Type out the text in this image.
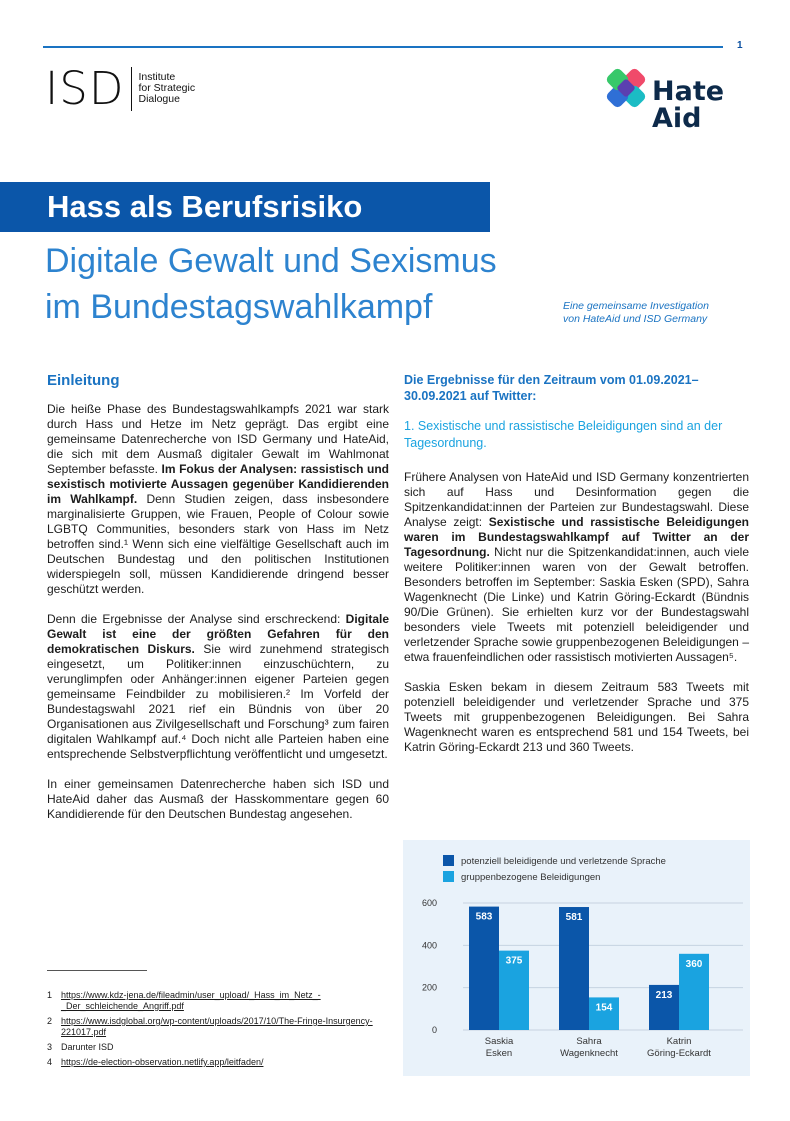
1
ISD Institute
for Strategic
Dialogue	Hate
Aid
Hass als Berufsrisiko
Digitale Gewalt und Sexismus
im Bundestagswahlkampf	Eine gemeinsame Investigation
von HateAid und ISD Germany
Einleitung

Die heiße Phase des Bundestagswahlkampfs 2021 war stark durch Hass und Hetze im Netz geprägt. Das ergibt eine gemeinsame Datenrecherche von ISD Germany und HateAid, die sich mit dem Ausmaß digitaler Gewalt im Wahlmonat September befasste. Im Fokus der Analysen: rassistisch und sexistisch motivierte Aussagen gegenüber Kandidierenden im Wahlkampf. Denn Studien zeigen, dass insbesondere marginalisierte Gruppen, wie Frauen, People of Colour sowie LGBTQ Communities, besonders stark von Hass im Netz betroffen sind.¹ Wenn sich eine vielfältige Gesellschaft auch im Deutschen Bundestag und den politischen Institutionen widerspiegeln soll, müssen Kandidierende dringend besser geschützt werden.

Denn die Ergebnisse der Analyse sind erschreckend: Digitale Gewalt ist eine der größten Gefahren für den demokratischen Diskurs. Sie wird zunehmend strategisch eingesetzt, um Politiker:innen einzuschüchtern, zu verunglimpfen oder Anhänger:innen eigener Parteien gegen gemeinsame Feindbilder zu mobilisieren.² Im Vorfeld der Bundestagswahl 2021 rief ein Bündnis von über 20 Organisationen aus Zivilgesellschaft und Forschung³ zum fairen digitalen Wahlkampf auf.⁴ Doch nicht alle Parteien haben eine entsprechende Selbstverpflichtung veröffentlicht und umgesetzt.

In einer gemeinsamen Datenrecherche haben sich ISD und HateAid daher das Ausmaß der Hasskommentare gegen 60 Kandidierende für den Deutschen Bundestag angesehen.

1 https://www.kdz-jena.de/fileadmin/user_upload/_Hass_im_Netz_-_Der_schleichende_Angriff.pdf
2 https://www.isdglobal.org/wp-content/uploads/2017/10/The-Fringe-Insurgency-221017.pdf
3 Darunter ISD
4 https://de-election-observation.netlify.app/leitfaden/
Die Ergebnisse für den Zeitraum vom 01.09.2021–30.09.2021 auf Twitter:
1. Sexistische und rassistische Beleidigungen sind an der Tagesordnung.

Frühere Analysen von HateAid und ISD Germany konzentrierten sich auf Hass und Desinformation gegen die Spitzenkandidat:innen der Parteien zur Bundestagswahl. Diese Analyse zeigt: Sexistische und rassistische Beleidigungen waren im Bundestagswahlkampf auf Twitter an der Tagesordnung. Nicht nur die Spitzenkandidat:innen, auch viele weitere Politiker:innen waren von der Gewalt betroffen. Besonders betroffen im September: Saskia Esken (SPD), Sahra Wagenknecht (Die Linke) und Katrin Göring-Eckardt (Bündnis 90/Die Grünen). Sie erhielten kurz vor der Bundestagswahl besonders viele Tweets mit potenziell beleidigender und verletzender Sprache sowie gruppenbezogenen Beleidigungen – etwa frauenfeindlichen oder rassistisch motivierten Aussagen⁵.

Saskia Esken bekam in diesem Zeitraum 583 Tweets mit potenziell beleidigender und verletzender Sprache und 375 Tweets mit gruppenbezogenen Beleidigungen. Bei Sahra Wagenknecht waren es entsprechend 581 und 154 Tweets, bei Katrin Göring-Eckardt 213 und 360 Tweets.

potenziell beleidigende und verletzende Sprache
gruppenbezogene Beleidigungen
0
200
400
600
583
375
Saskia
Esken
581
154
Sahra
Wagenknecht
213
360
Katrin
Göring-Eckardt
